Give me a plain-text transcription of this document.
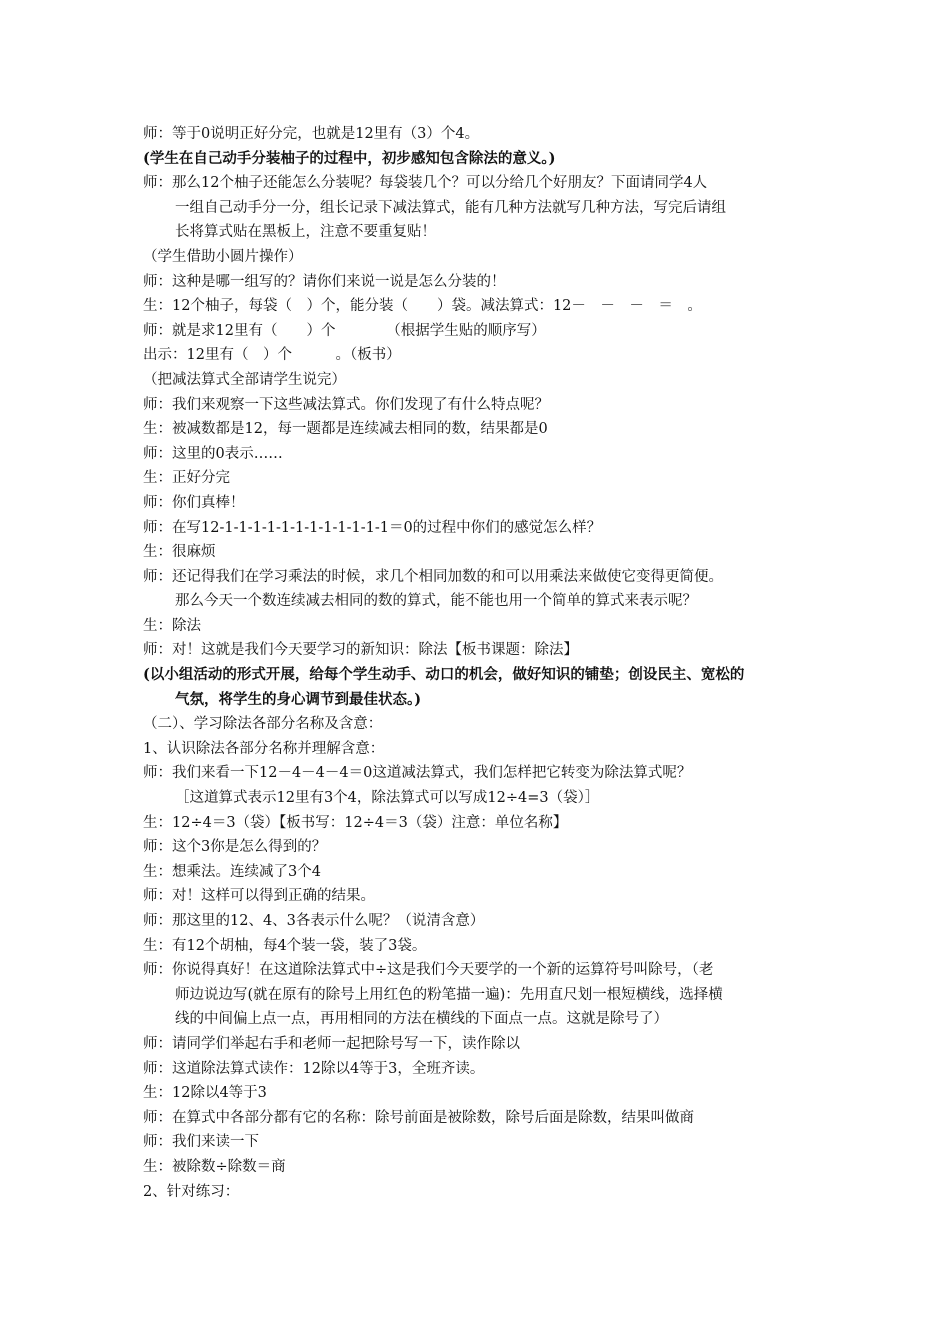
师：等于0说明正好分完，也就是12里有（3）个4。
(学生在自己动手分装柚子的过程中，初步感知包含除法的意义。)
师：那么12个柚子还能怎么分装呢？每袋装几个？可以分给几个好朋友？下面请同学4人
一组自己动手分一分，组长记录下减法算式，能有几种方法就写几种方法，写完后请组
长将算式贴在黑板上，注意不要重复贴！
（学生借助小圆片操作）
师：这种是哪一组写的？请你们来说一说是怎么分装的！
生：12个柚子，每袋（　）个，能分装（　　）袋。减法算式：12－　－　－　＝　。
师：就是求12里有（　　）个　　　　（根据学生贴的顺序写）
出示：12里有（　）个　　　。（板书）
（把减法算式全部请学生说完）
师：我们来观察一下这些减法算式。你们发现了有什么特点呢？
生：被减数都是12，每一题都是连续减去相同的数，结果都是0
师：这里的0表示……
生：正好分完
师：你们真棒！
师：在写12-1-1-1-1-1-1-1-1-1-1-1-1＝0的过程中你们的感觉怎么样？
生：很麻烦
师：还记得我们在学习乘法的时候，求几个相同加数的和可以用乘法来做使它变得更简便。
那么今天一个数连续减去相同的数的算式，能不能也用一个简单的算式来表示呢？
生：除法
师：对！这就是我们今天要学习的新知识：除法【板书课题：除法】
(以小组活动的形式开展，给每个学生动手、动口的机会，做好知识的铺垫；创设民主、宽松的
气氛，将学生的身心调节到最佳状态。)
（二）、学习除法各部分名称及含意：
1、认识除法各部分名称并理解含意：
师：我们来看一下12－4－4－4＝0这道减法算式，我们怎样把它转变为除法算式呢？
［这道算式表示12里有3个4，除法算式可以写成12÷4=3（袋）］
生：12÷4＝3（袋）【板书写：12÷4＝3（袋）注意：单位名称】
师：这个3你是怎么得到的？
生：想乘法。连续减了3个4
师：对！这样可以得到正确的结果。
师：那这里的12、4、3各表示什么呢？（说清含意）
生：有12个胡柚，每4个装一袋，装了3袋。
师：你说得真好！在这道除法算式中÷这是我们今天要学的一个新的运算符号叫除号，（老
师边说边写(就在原有的除号上用红色的粉笔描一遍)：先用直尺划一根短横线，选择横
线的中间偏上点一点，再用相同的方法在横线的下面点一点。这就是除号了）
师：请同学们举起右手和老师一起把除号写一下，读作除以
师：这道除法算式读作：12除以4等于3，全班齐读。
生：12除以4等于3
师：在算式中各部分都有它的名称：除号前面是被除数，除号后面是除数，结果叫做商
师：我们来读一下
生：被除数÷除数＝商
2、针对练习：
